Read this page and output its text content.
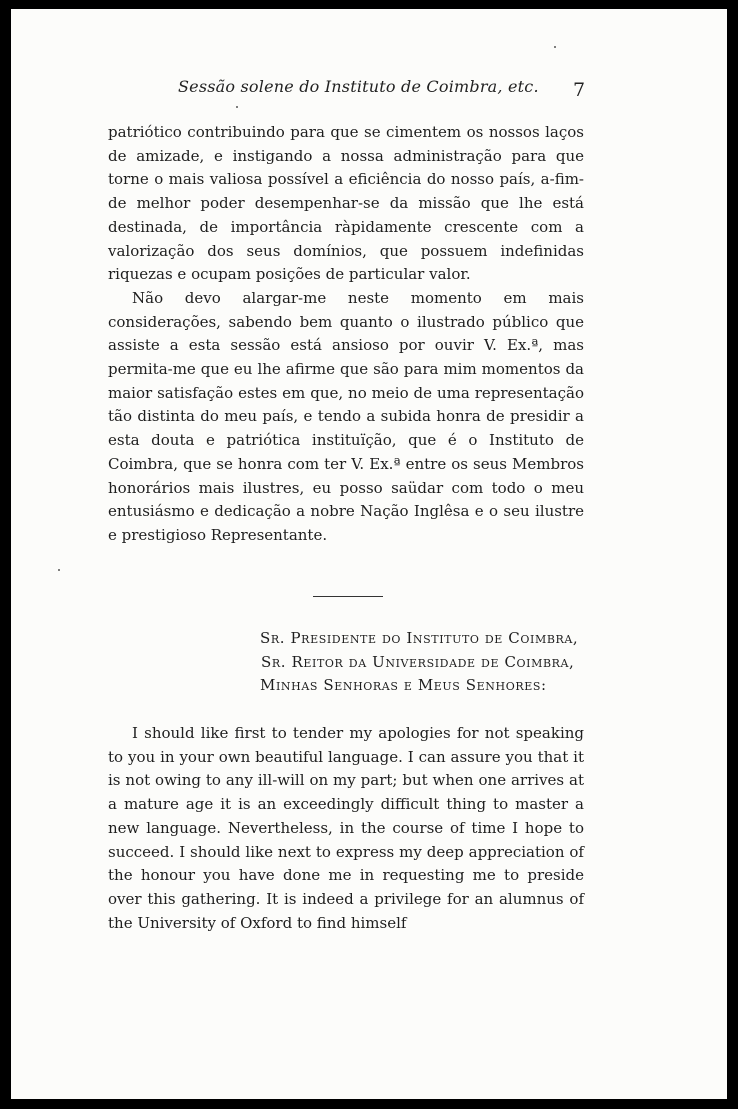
Sessão solene do Instituto de Coimbra, etc. 7

patriótico contribuindo para que se cimentem os nossos laços de amizade, e instigando a nossa administração para que torne o mais valiosa possível a eficiência do nosso país, a-fim-de melhor poder desempenhar-se da missão que lhe está destinada, de importância ràpidamente crescente com a valorização dos seus domínios, que possuem indefinidas riquezas e ocupam posições de particular valor.

Não devo alargar-me neste momento em mais considerações, sabendo bem quanto o ilustrado público que assiste a esta sessão está ansioso por ouvir V. Ex.ª, mas permita-me que eu lhe afirme que são para mim momentos da maior satisfação estes em que, no meio de uma representação tão distinta do meu país, e tendo a subida honra de presidir a esta douta e patriótica instituïção, que é o Instituto de Coimbra, que se honra com ter V. Ex.ª entre os seus Membros honorários mais ilustres, eu posso saüdar com todo o meu entusiásmo e dedicação a nobre Nação Inglêsa e o seu ilustre e prestigioso Representante.

Sr. Presidente do Instituto de Coimbra,
Sr. Reitor da Universidade de Coimbra,
Minhas Senhoras e Meus Senhores:

I should like first to tender my apologies for not speaking to you in your own beautiful language. I can assure you that it is not owing to any ill-will on my part; but when one arrives at a mature age it is an exceedingly difficult thing to master a new language. Nevertheless, in the course of time I hope to succeed. I should like next to express my deep appreciation of the honour you have done me in requesting me to preside over this gathering. It is indeed a privilege for an alumnus of the University of Oxford to find himself
